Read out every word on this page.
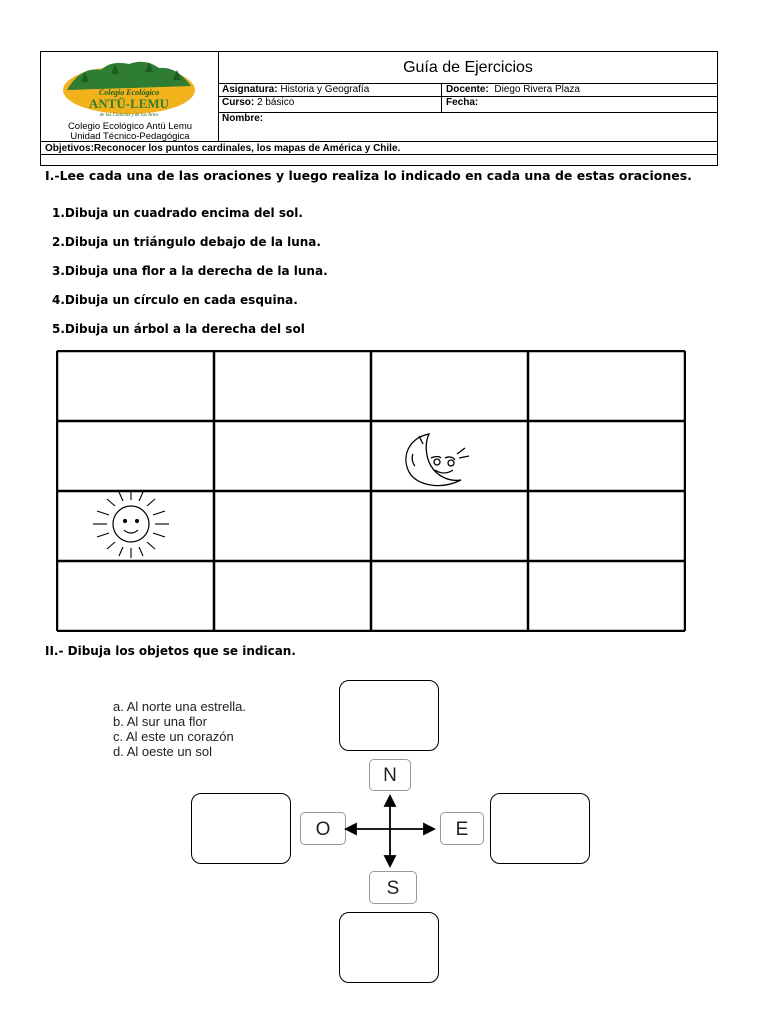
Colegio Ecológico
ANTÜ-LEMU
de las Ciencias y de las Artes
Colegio Ecológico Antü Lemu
Unidad Técnico-Pedagógica
Guía de Ejercicios
Asignatura: Historia y Geografía	Docente: Diego Rivera Plaza
Curso: 2 básico	Fecha:
Nombre:
Objetivos:Reconocer los puntos cardinales, los mapas de América y Chile.
I.-Lee cada una de las oraciones y luego realiza lo indicado en cada una de estas oraciones.
1.Dibuja un cuadrado encima del sol.
2.Dibuja un triángulo debajo de la luna.
3.Dibuja una flor a la derecha de la luna.
4.Dibuja un círculo en cada esquina.
5.Dibuja un árbol a la derecha del sol
II.- Dibuja los objetos que se indican.
a. Al norte una estrella.
b. Al sur una flor
c. Al este un corazón
d. Al oeste un sol
N
O	E
S
